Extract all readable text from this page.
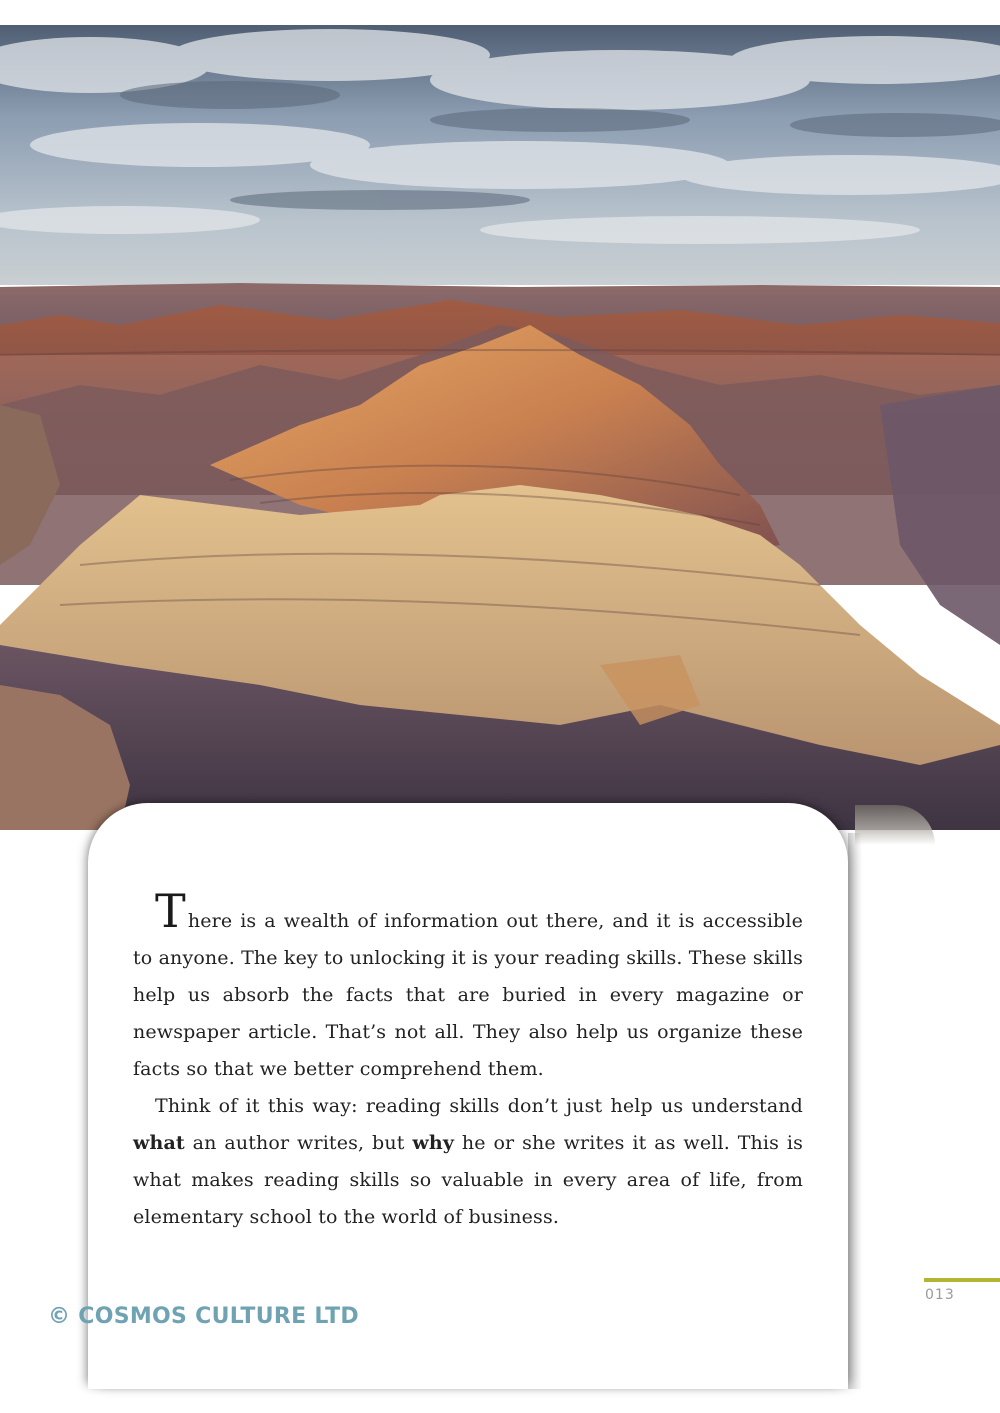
There is a wealth of information out there, and it is accessible to anyone. The key to unlocking it is your reading skills. These skills help us absorb the facts that are buried in every magazine or newspaper article. That’s not all. They also help us organize these facts so that we better comprehend them.

Think of it this way: reading skills don’t just help us understand what an author writes, but why he or she writes it as well. This is what makes reading skills so valuable in every area of life, from elementary school to the world of business.

© COSMOS CULTURE LTD
013
